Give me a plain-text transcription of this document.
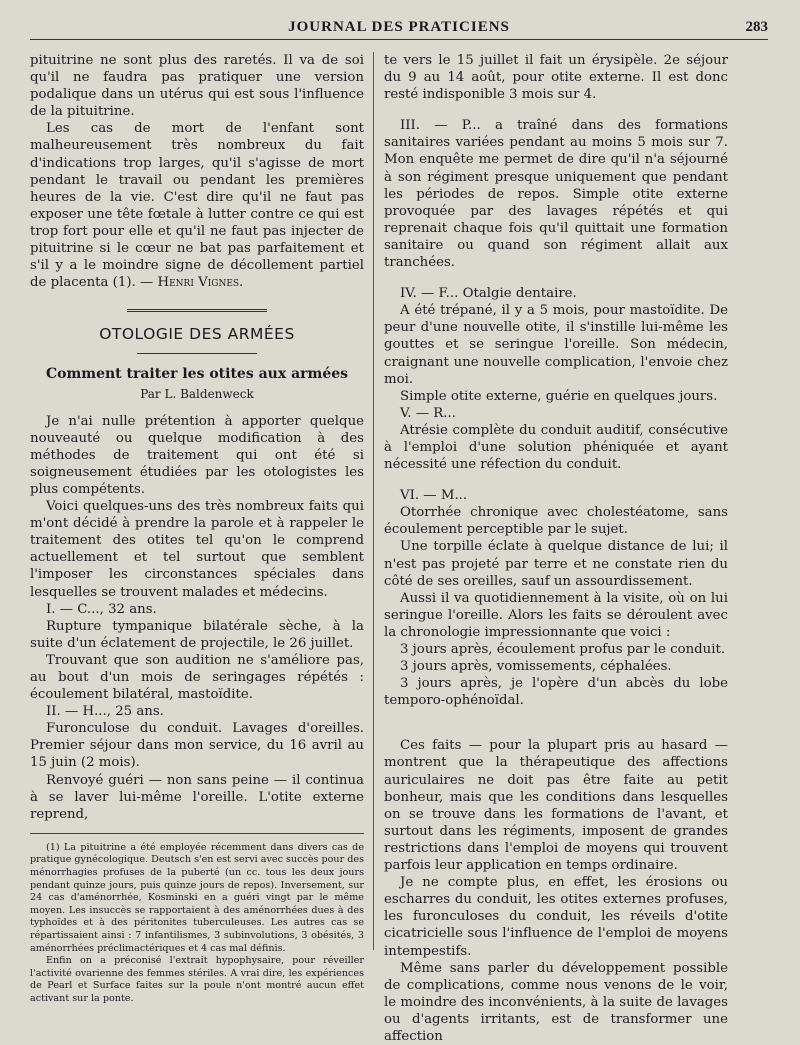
JOURNAL DES PRATICIENS	283

pituitrine ne sont plus des raretés. Il va de soi qu'il ne faudra pas pratiquer une version podalique dans un utérus qui est sous l'influence de la pituitrine.

Les cas de mort de l'enfant sont malheureusement très nombreux du fait d'indications trop larges, qu'il s'agisse de mort pendant le travail ou pendant les premières heures de la vie. C'est dire qu'il ne faut pas exposer une tête fœtale à lutter contre ce qui est trop fort pour elle et qu'il ne faut pas injecter de pituitrine si le cœur ne bat pas parfaitement et s'il y a le moindre signe de décollement partiel de placenta (1). — Henri Vignes.

OTOLOGIE DES ARMÉES
Comment traiter les otites aux armées
Par L. Baldenweck

Je n'ai nulle prétention à apporter quelque nouveauté ou quelque modification à des méthodes de traitement qui ont été si soigneusement étudiées par les otologistes les plus compétents.

Voici quelques-uns des très nombreux faits qui m'ont décidé à prendre la parole et à rappeler le traitement des otites tel qu'on le comprend actuellement et tel surtout que semblent l'imposer les circonstances spéciales dans lesquelles se trouvent malades et médecins.

I. — C..., 32 ans.

Rupture tympanique bilatérale sèche, à la suite d'un éclatement de projectile, le 26 juillet.

Trouvant que son audition ne s'améliore pas, au bout d'un mois de seringages répétés : écoulement bilatéral, mastoïdite.

II. — H..., 25 ans.

Furonculose du conduit. Lavages d'oreilles. Premier séjour dans mon service, du 16 avril au 15 juin (2 mois).

Renvoyé guéri — non sans peine — il continua à se laver lui-même l'oreille. L'otite externe reprend,

(1) La pituitrine a été employée récemment dans divers cas de pratique gynécologique. Deutsch s'en est servi avec succès pour des ménorrhagies profuses de la puberté (un cc. tous les deux jours pendant quinze jours, puis quinze jours de repos). Inversement, sur 24 cas d'aménorrhée, Kosminski en a guéri vingt par le même moyen. Les insuccès se rapportaient à des aménorrhées dues à des typhoïdes et à des péritonites tuberculeuses. Les autres cas se répartissaient ainsi : 7 infantilismes, 3 subinvolutions, 3 obésités, 3 aménorrhées préclimactériques et 4 cas mal définis.

Enfin on a préconisé l'extrait hypophysaire, pour réveiller l'activité ovarienne des femmes stériles. A vrai dire, les expériences de Pearl et Surface faites sur la poule n'ont montré aucun effet activant sur la ponte.

te vers le 15 juillet il fait un érysipèle. 2e séjour du 9 au 14 août, pour otite externe. Il est donc resté indisponible 3 mois sur 4.

III. — P... a traîné dans des formations sanitaires variées pendant au moins 5 mois sur 7. Mon enquête me permet de dire qu'il n'a séjourné à son régiment presque uniquement que pendant les périodes de repos. Simple otite externe provoquée par des lavages répétés et qui reprenait chaque fois qu'il quittait une formation sanitaire ou quand son régiment allait aux tranchées.

IV. — F... Otalgie dentaire.

A été trépané, il y a 5 mois, pour mastoïdite. De peur d'une nouvelle otite, il s'instille lui-même les gouttes et se seringue l'oreille. Son médecin, craignant une nouvelle complication, l'envoie chez moi.

Simple otite externe, guérie en quelques jours.

V. — R...

Atrésie complète du conduit auditif, consécutive à l'emploi d'une solution phéniquée et ayant nécessité une réfection du conduit.

VI. — M...

Otorrhée chronique avec cholestéatome, sans écoulement perceptible par le sujet.

Une torpille éclate à quelque distance de lui; il n'est pas projeté par terre et ne constate rien du côté de ses oreilles, sauf un assourdissement.

Aussi il va quotidiennement à la visite, où on lui seringue l'oreille. Alors les faits se déroulent avec la chronologie impressionnante que voici :

3 jours après, écoulement profus par le conduit.

3 jours après, vomissements, céphalées.

3 jours après, je l'opère d'un abcès du lobe temporo-ophénoïdal.

Ces faits — pour la plupart pris au hasard — montrent que la thérapeutique des affections auriculaires ne doit pas être faite au petit bonheur, mais que les conditions dans lesquelles on se trouve dans les formations de l'avant, et surtout dans les régiments, imposent de grandes restrictions dans l'emploi de moyens qui trouvent parfois leur application en temps ordinaire.

Je ne compte plus, en effet, les érosions ou escharres du conduit, les otites externes profuses, les furonculoses du conduit, les réveils d'otite cicatricielle sous l'influence de l'emploi de moyens intempestifs.

Même sans parler du développement possible de complications, comme nous venons de le voir, le moindre des inconvénients, à la suite de lavages ou d'agents irritants, est de transformer une affection
